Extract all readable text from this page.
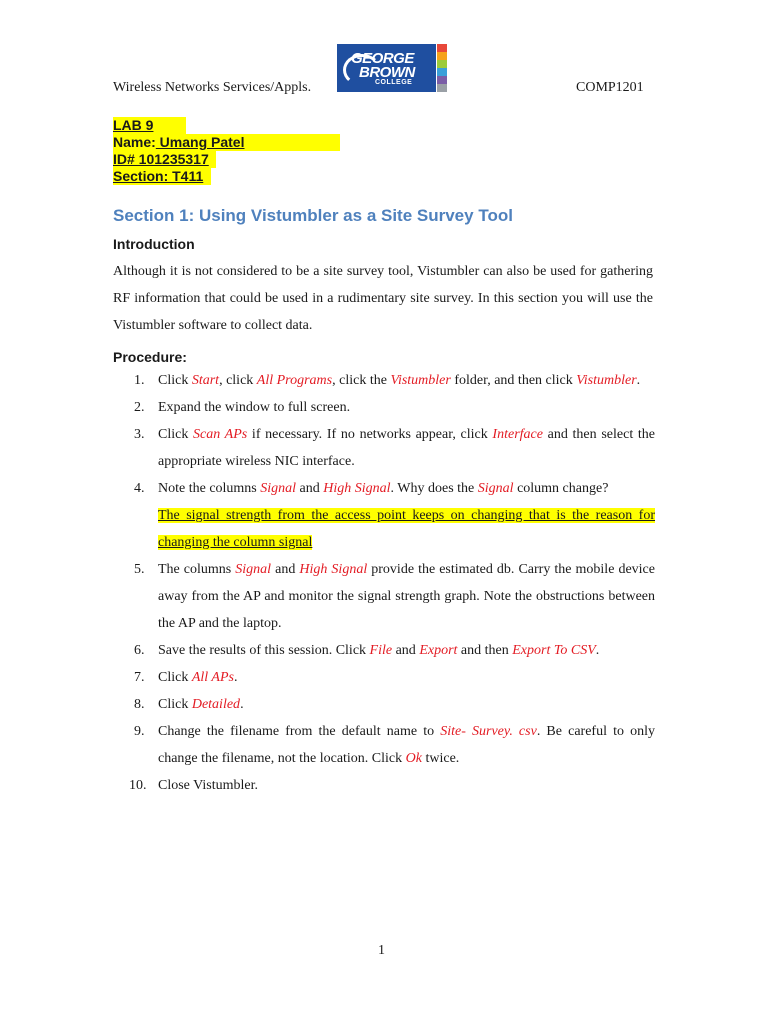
Wireless Networks Services/Appls.
GEORGE
BROWN
COLLEGE	COMP1201
LAB 9
Name: Umang Patel
ID# 101235317
Section: T411
Section 1: Using Vistumbler as a Site Survey Tool
Introduction

Although it is not considered to be a site survey tool, Vistumbler can also be used for gathering RF information that could be used in a rudimentary site survey. In this section you will use the Vistumbler software to collect data.

Procedure:
1. Click Start, click All Programs, click the Vistumbler folder, and then click Vistumbler.
2. Expand the window to full screen.
3. Click Scan APs if necessary. If no networks appear, click Interface and then select the appropriate wireless NIC interface.
4. Note the columns Signal and High Signal. Why does the Signal column change?
The signal strength from the access point keeps on changing that is the reason for changing the column signal
5. The columns Signal and High Signal provide the estimated db. Carry the mobile device away from the AP and monitor the signal strength graph. Note the obstructions between the AP and the laptop.
6. Save the results of this session. Click File and Export and then Export To CSV.
7. Click All APs.
8. Click Detailed.
9. Change the filename from the default name to Site- Survey. csv. Be careful to only change the filename, not the location. Click Ok twice.
10. Close Vistumbler.
1
